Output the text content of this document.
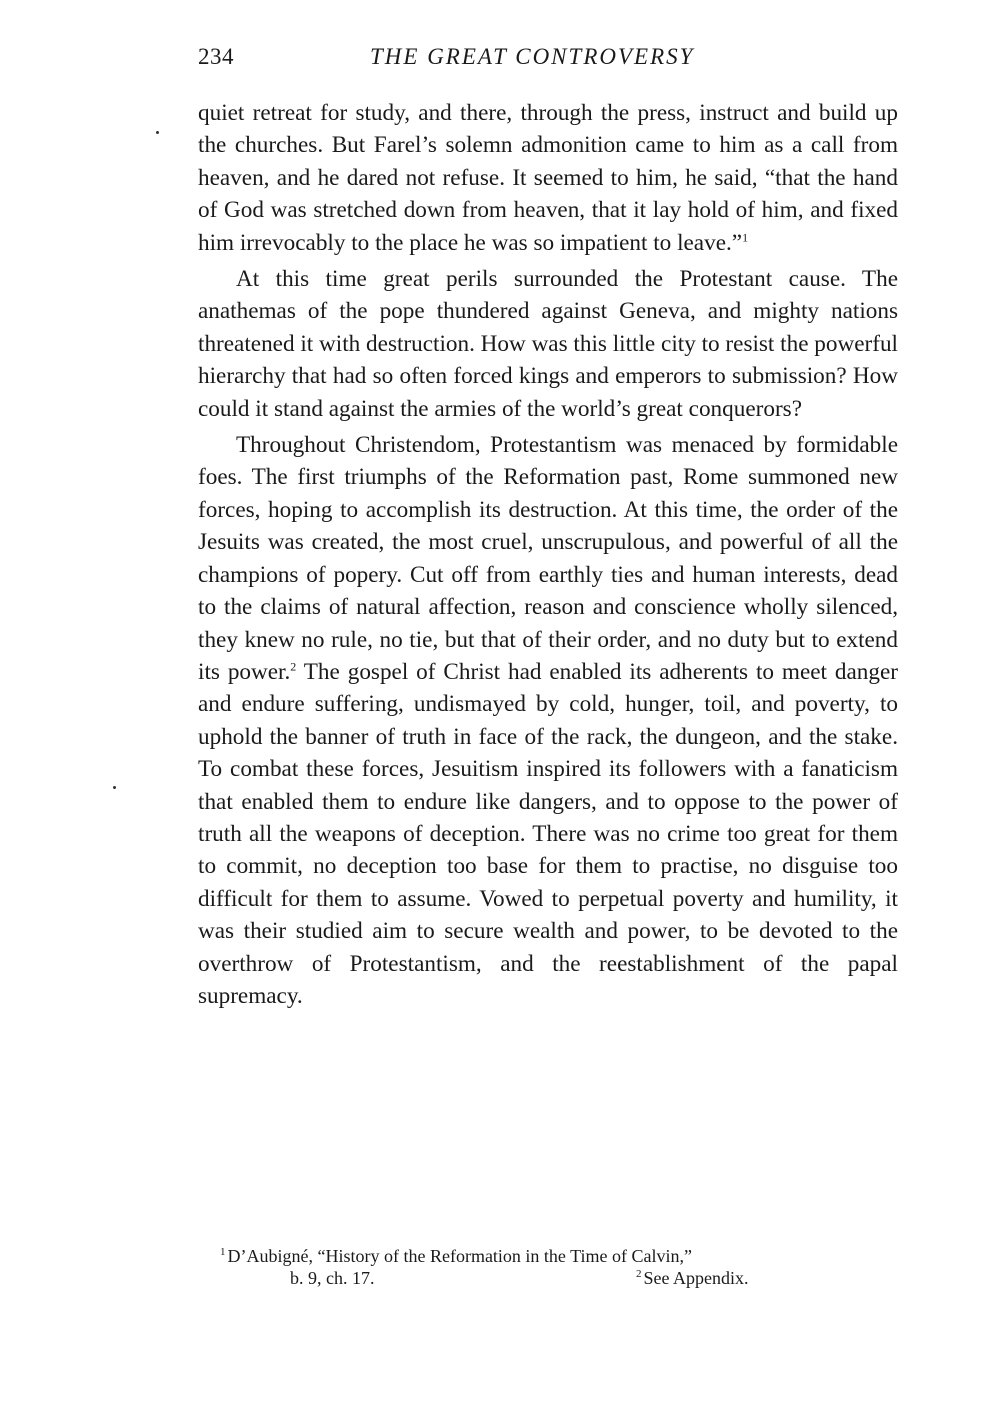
234	THE GREAT CONTROVERSY

quiet retreat for study, and there, through the press, instruct and build up the churches. But Farel’s solemn admonition came to him as a call from heaven, and he dared not refuse. It seemed to him, he said, “that the hand of God was stretched down from heaven, that it lay hold of him, and fixed him irrevocably to the place he was so impatient to leave.”$^1$

At this time great perils surrounded the Protestant cause. The anathemas of the pope thundered against Geneva, and mighty nations threatened it with destruction. How was this little city to resist the powerful hierarchy that had so often forced kings and emperors to submission? How could it stand against the armies of the world’s great conquerors?

Throughout Christendom, Protestantism was menaced by formidable foes. The first triumphs of the Reformation past, Rome summoned new forces, hoping to accomplish its destruction. At this time, the order of the Jesuits was created, the most cruel, unscrupulous, and powerful of all the champions of popery. Cut off from earthly ties and human interests, dead to the claims of natural affection, reason and conscience wholly silenced, they knew no rule, no tie, but that of their order, and no duty but to extend its power.$^2$ The gospel of Christ had enabled its adherents to meet danger and endure suffering, undismayed by cold, hunger, toil, and poverty, to uphold the banner of truth in face of the rack, the dungeon, and the stake. To combat these forces, Jesuitism inspired its followers with a fanaticism that enabled them to endure like dangers, and to oppose to the power of truth all the weapons of deception. There was no crime too great for them to commit, no deception too base for them to practise, no disguise too difficult for them to assume. Vowed to perpetual poverty and humility, it was their studied aim to secure wealth and power, to be devoted to the overthrow of Protestantism, and the reestablishment of the papal supremacy.

$^1$ D’Aubigné, “History of the Reformation in the Time of Calvin,”
b. 9, ch. 17.	$^2$ See Appendix.
